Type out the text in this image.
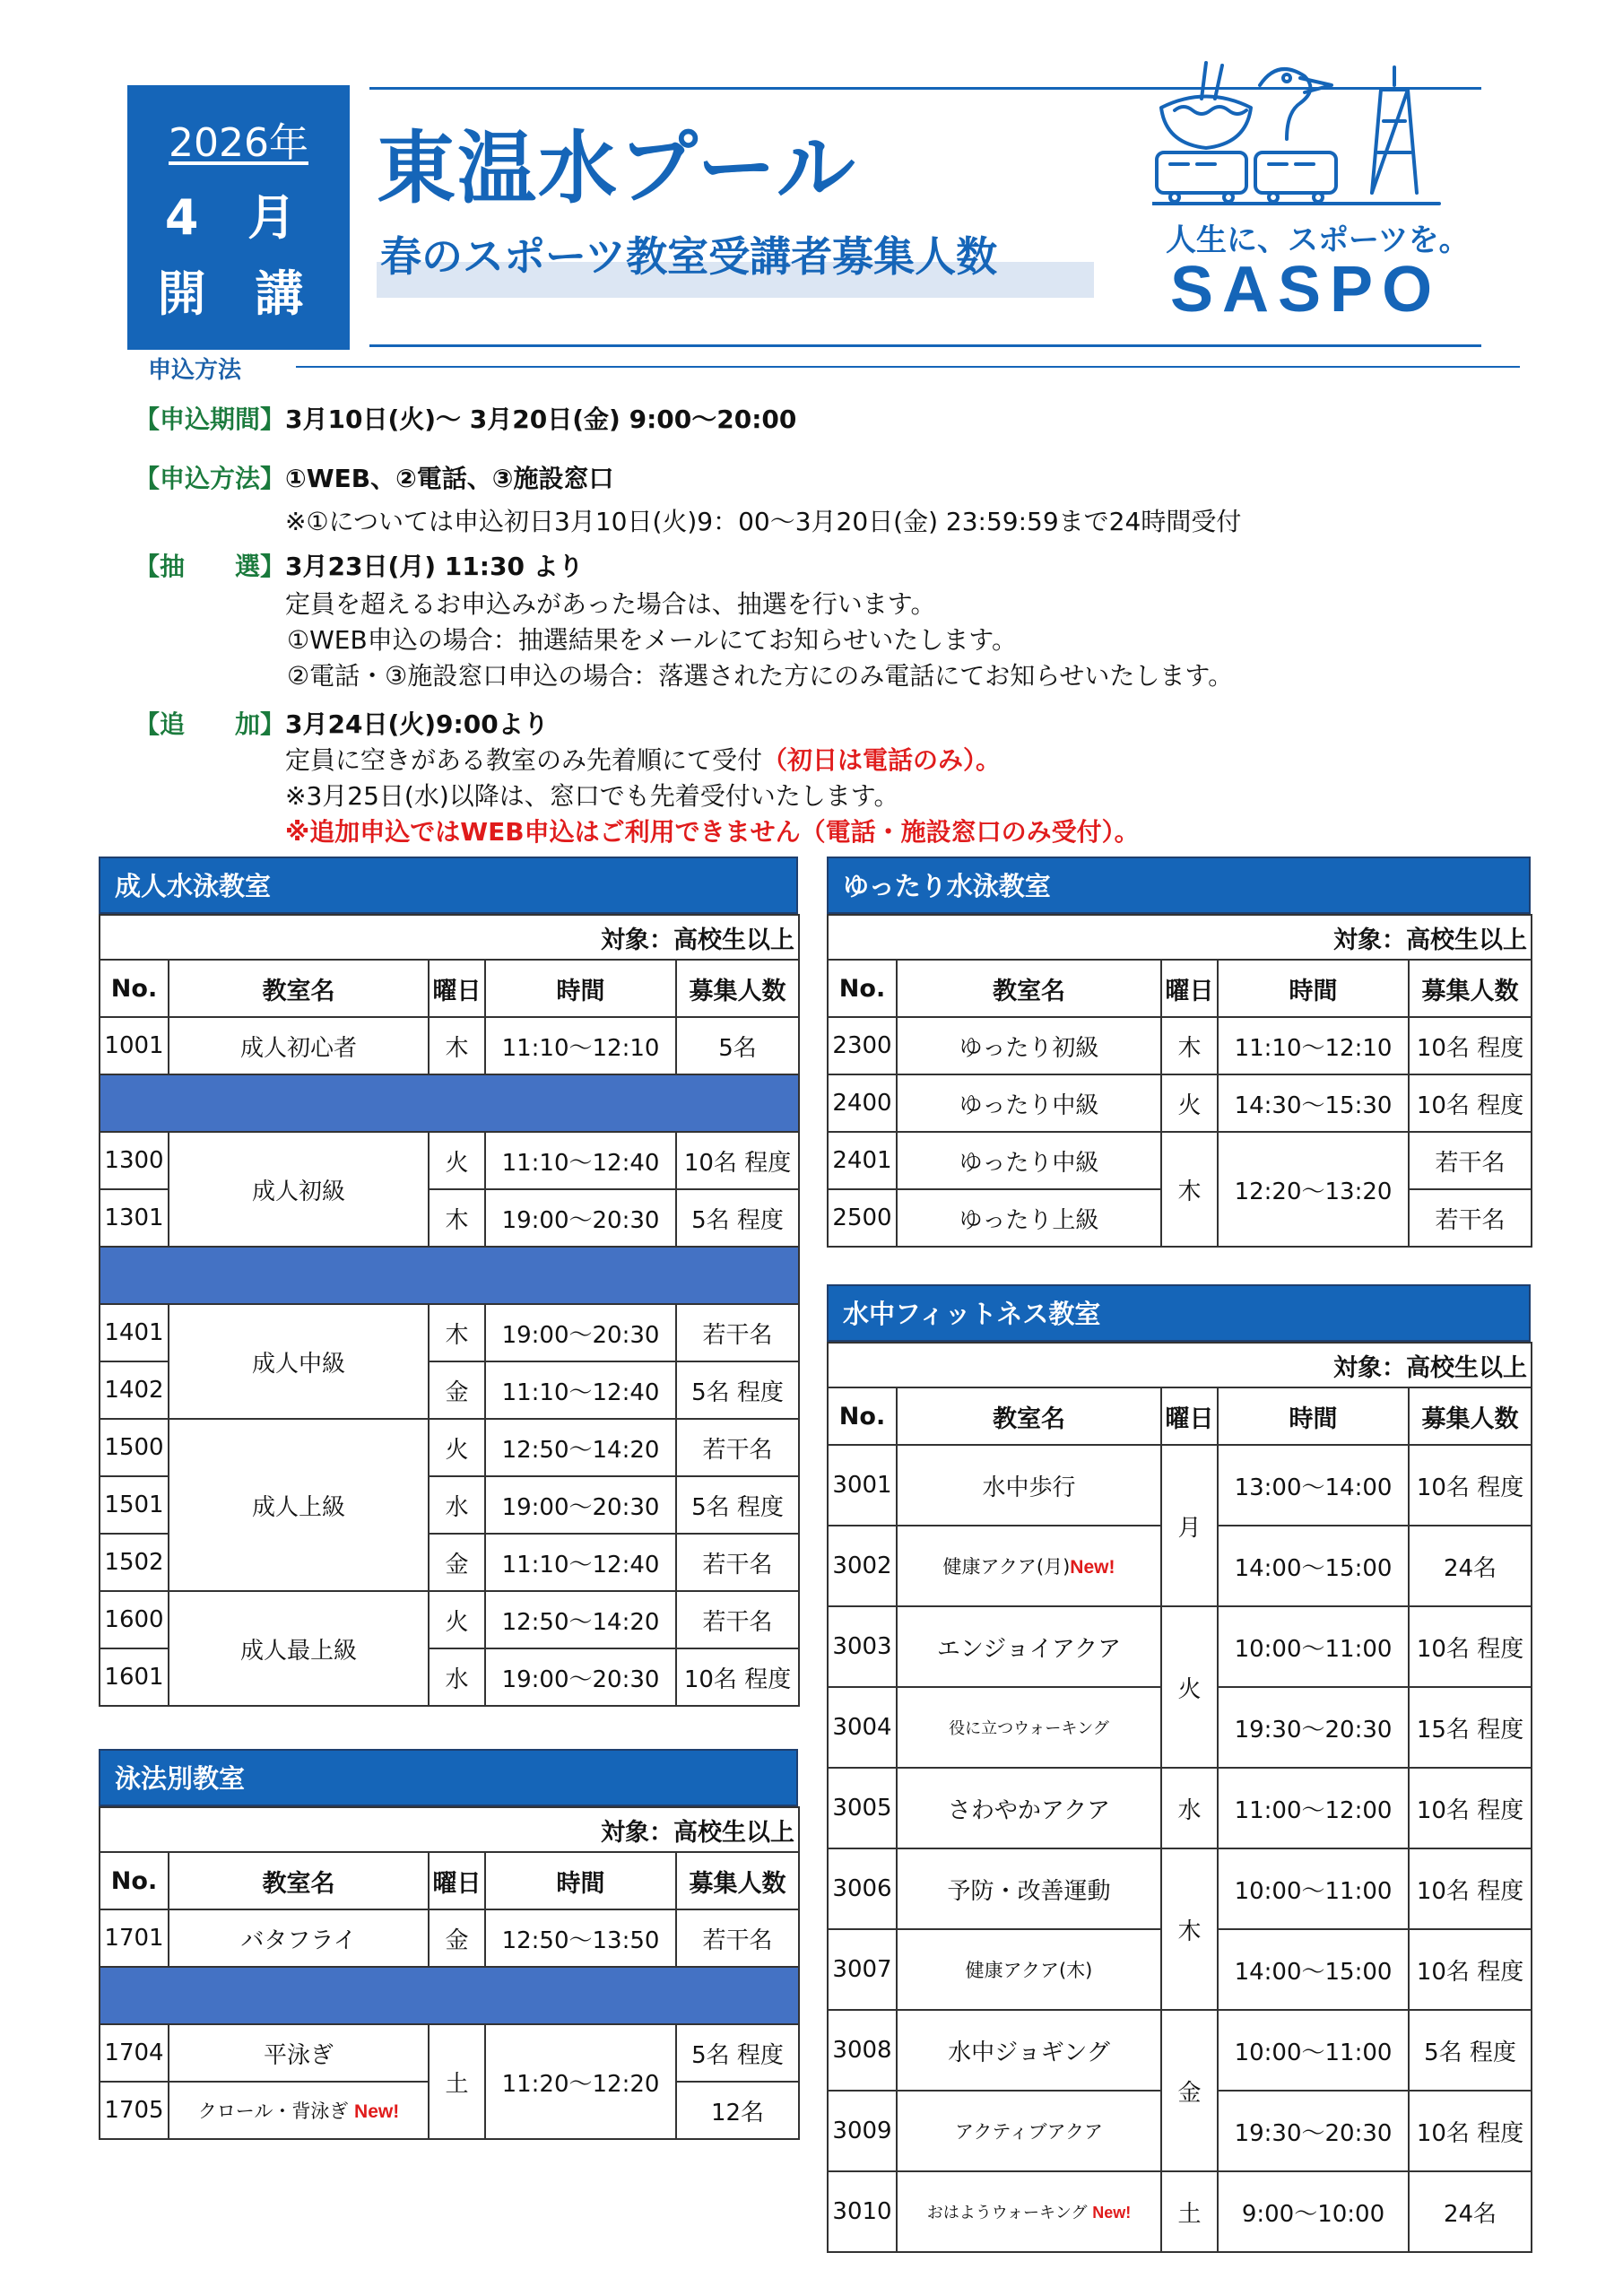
2026年
4 月
開 講
東温水プール
春のスポーツ教室受講者募集人数	人生に、スポーツを。
SASPO
申込方法
【申込期間】3月10日(火)～ 3月20日(金) 9:00～20:00
【申込方法】①WEB、②電話、③施設窓口
※①については申込初日3月10日(火)9：00～3月20日(金) 23:59:59まで24時間受付
【抽　　選】3月23日(月) 11:30 より
定員を超えるお申込みがあった場合は、抽選を行います。
①WEB申込の場合：抽選結果をメールにてお知らせいたします。
②電話・③施設窓口申込の場合：落選された方にのみ電話にてお知らせいたします。
【追　　加】3月24日(火)9:00より
定員に空きがある教室のみ先着順にて受付（初日は電話のみ）。
※3月25日(水)以降は、窓口でも先着受付いたします。
※追加申込ではWEB申込はご利用できません（電話・施設窓口のみ受付）。
成人水泳教室
対象：高校生以上				
No.	教室名	曜日	時間	募集人数
1001	成人初心者	木	11:10～12:10	5名

1300	成人初級	火	11:10～12:40	10名 程度
1301		木	19:00～20:30	5名 程度

1401	成人中級	木	19:00～20:30	若干名
1402		金	11:10～12:40	5名 程度
1500	成人上級	火	12:50～14:20	若干名
1501		水	19:00～20:30	5名 程度
1502		金	11:10～12:40	若干名
1600	成人最上級	火	12:50～14:20	若干名
1601		水	19:00～20:30	10名 程度
泳法別教室
対象：高校生以上				
No.	教室名	曜日	時間	募集人数
1701	バタフライ	金	12:50～13:50	若干名

1704	平泳ぎ	土	11:20～12:20	5名 程度
1705	クロール・背泳ぎ New!			12名
ゆったり水泳教室
対象：高校生以上				
No.	教室名	曜日	時間	募集人数
2300	ゆったり初級	木	11:10～12:10	10名 程度
2400	ゆったり中級	火	14:30～15:30	10名 程度
2401	ゆったり中級	木	12:20～13:20	若干名
2500	ゆったり上級			若干名
水中フィットネス教室
対象：高校生以上				
No.	教室名	曜日	時間	募集人数
3001	水中歩行	月	13:00～14:00	10名 程度
3002	健康アクア(月)New!		14:00～15:00	24名
3003	エンジョイアクア	火	10:00～11:00	10名 程度
3004	役に立つウォーキング		19:30～20:30	15名 程度
3005	さわやかアクア	水	11:00～12:00	10名 程度
3006	予防・改善運動	木	10:00～11:00	10名 程度
3007	健康アクア(木)		14:00～15:00	10名 程度
3008	水中ジョギング	金	10:00～11:00	5名 程度
3009	アクティブアクア		19:30～20:30	10名 程度
3010	おはようウォーキング New!	土	9:00～10:00	24名
